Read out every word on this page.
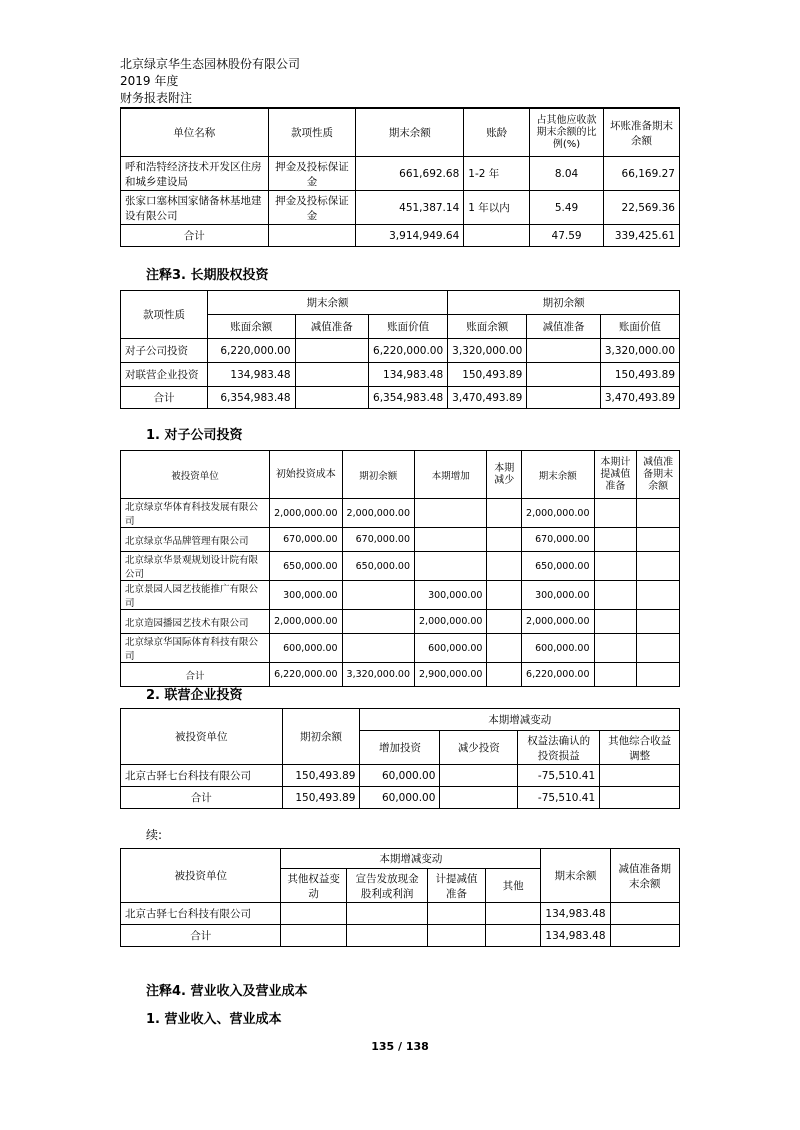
北京绿京华生态园林股份有限公司
2019 年度
财务报表附注
单位名称	款项性质	期末余额	账龄	占其他应收款期末余额的比例(%)	坏账准备期末余额
呼和浩特经济技术开发区住房和城乡建设局	押金及投标保证金	661,692.68	1-2 年	8.04	66,169.27
张家口塞林国家储备林基地建设有限公司	押金及投标保证金	451,387.14	1 年以内	5.49	22,569.36
合计		3,914,949.64		47.59	339,425.61
注释3. 长期股权投资
款项性质	期末余额			期初余额		
	账面余额	减值准备	账面价值	账面余额	减值准备	账面价值
对子公司投资	6,220,000.00		6,220,000.00	3,320,000.00		3,320,000.00
对联营企业投资	134,983.48		134,983.48	150,493.89		150,493.89
合计	6,354,983.48		6,354,983.48	3,470,493.89		3,470,493.89
1. 对子公司投资
被投资单位	初始投资成本	期初余额	本期增加	本期减少	期末余额	本期计提减值准备	减值准备期末余额
北京绿京华体育科技发展有限公司	2,000,000.00	2,000,000.00			2,000,000.00		
北京绿京华品牌管理有限公司	670,000.00	670,000.00			670,000.00		
北京绿京华景观规划设计院有限公司	650,000.00	650,000.00			650,000.00		
北京景园人园艺技能推广有限公司	300,000.00		300,000.00		300,000.00		
北京造园播园艺技术有限公司	2,000,000.00		2,000,000.00		2,000,000.00		
北京绿京华国际体育科技有限公司	600,000.00		600,000.00		600,000.00		
合计	6,220,000.00	3,320,000.00	2,900,000.00		6,220,000.00		
2. 联营企业投资
被投资单位	期初余额	本期增减变动			
		增加投资	减少投资	权益法确认的投资损益	其他综合收益调整
北京古驿七台科技有限公司	150,493.89	60,000.00		-75,510.41	
合计	150,493.89	60,000.00		-75,510.41	
续:
被投资单位	本期增减变动				期末余额	减值准备期末余额
	其他权益变动	宣告发放现金股利或利润	计提减值准备	其他		
北京古驿七台科技有限公司					134,983.48	
合计					134,983.48	
注释4. 营业收入及营业成本
1. 营业收入、营业成本
135 / 138
